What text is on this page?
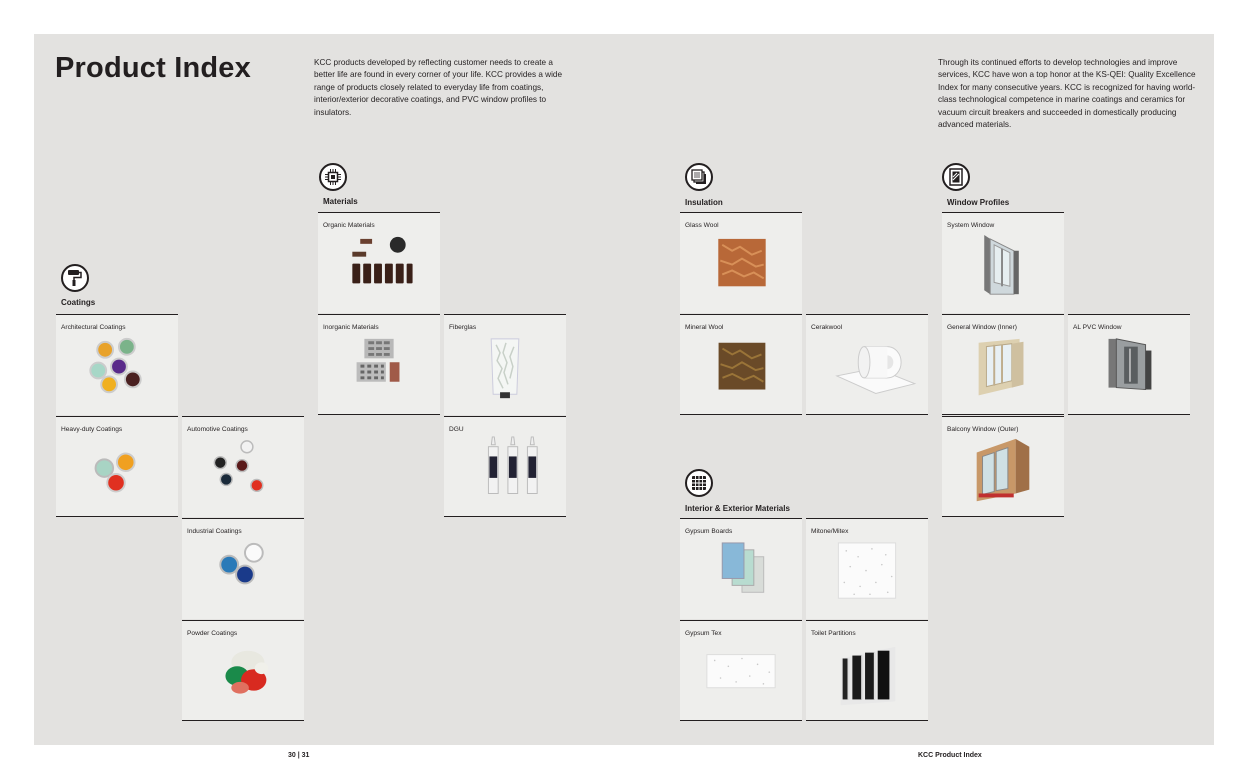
Product Index	KCC products developed by reflecting customer needs to create a better life are found in every corner of your life. KCC provides a wide range of products closely related to everyday life from coatings, interior/exterior decorative coatings, and PVC window profiles to insulators.
Through its continued efforts to develop technologies and improve services, KCC have won a top honor at the KS-QEI: Quality Excellence Index for many consecutive years. KCC is recognized for having world-class technological competence in marine coatings and ceramics for vacuum circuit breakers and succeeded in domestically producing advanced materials.
Coatings
Materials	Insulation	Window Profiles
Interior & Exterior Materials
Architectural Coatings
Heavy-duty Coatings	Automotive Coatings
Industrial Coatings
Powder Coatings
Organic Materials
Inorganic Materials	Fiberglas
DGU
Glass Wool
Mineral Wool	Cerakwool
Gypsum Boards	Mitone/Mitex
Gypsum Tex	Toilet Partitions
System Window
General Window (Inner)	AL PVC Window
Balcony Window (Outer)
30 | 31	KCC Product Index
